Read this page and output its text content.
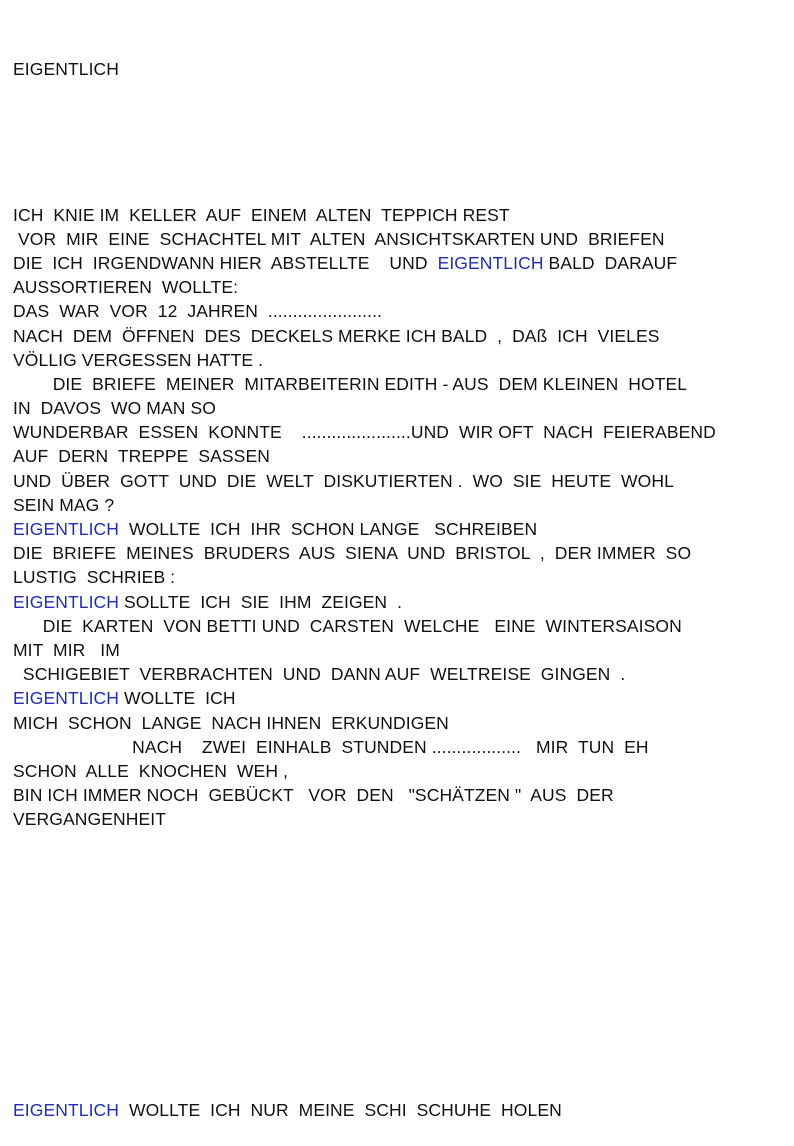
EIGENTLICH

ICH  KNIE IM  KELLER  AUF  EINEM  ALTEN  TEPPICH REST
VOR  MIR  EINE  SCHACHTEL MIT  ALTEN  ANSICHTSKARTEN UND  BRIEFEN
DIE  ICH  IRGENDWANN HIER  ABSTELLTE    UND  EIGENTLICH BALD  DARAUF
AUSSORTIEREN  WOLLTE:
DAS  WAR  VOR  12  JAHREN  .......................
NACH  DEM  ÖFFNEN  DES  DECKELS MERKE ICH BALD  ,  DAß  ICH  VIELES
VÖLLIG VERGESSEN HATTE .
DIE  BRIEFE  MEINER  MITARBEITERIN EDITH - AUS  DEM KLEINEN  HOTEL
IN  DAVOS  WO MAN SO
WUNDERBAR  ESSEN  KONNTE    ......................UND  WIR OFT  NACH  FEIERABEND
AUF  DERN  TREPPE  SASSEN
UND  ÜBER  GOTT  UND  DIE  WELT  DISKUTIERTEN .  WO  SIE  HEUTE  WOHL
SEIN MAG ?
EIGENTLICH  WOLLTE  ICH  IHR  SCHON LANGE   SCHREIBEN
DIE  BRIEFE  MEINES  BRUDERS  AUS  SIENA  UND  BRISTOL  ,  DER IMMER  SO
LUSTIG  SCHRIEB :
EIGENTLICH SOLLTE  ICH  SIE  IHM  ZEIGEN  .
DIE  KARTEN  VON BETTI UND  CARSTEN  WELCHE   EINE  WINTERSAISON
MIT  MIR   IM
SCHIGEBIET  VERBRACHTEN  UND  DANN AUF  WELTREISE  GINGEN  .
EIGENTLICH WOLLTE  ICH
MICH  SCHON  LANGE  NACH IHNEN  ERKUNDIGEN
NACH    ZWEI  EINHALB  STUNDEN ..................   MIR  TUN  EH
SCHON  ALLE  KNOCHEN  WEH ,
BIN ICH IMMER NOCH  GEBÜCKT   VOR  DEN   "SCHÄTZEN "  AUS  DER
VERGANGENHEIT

EIGENTLICH  WOLLTE  ICH  NUR  MEINE  SCHI  SCHUHE  HOLEN
